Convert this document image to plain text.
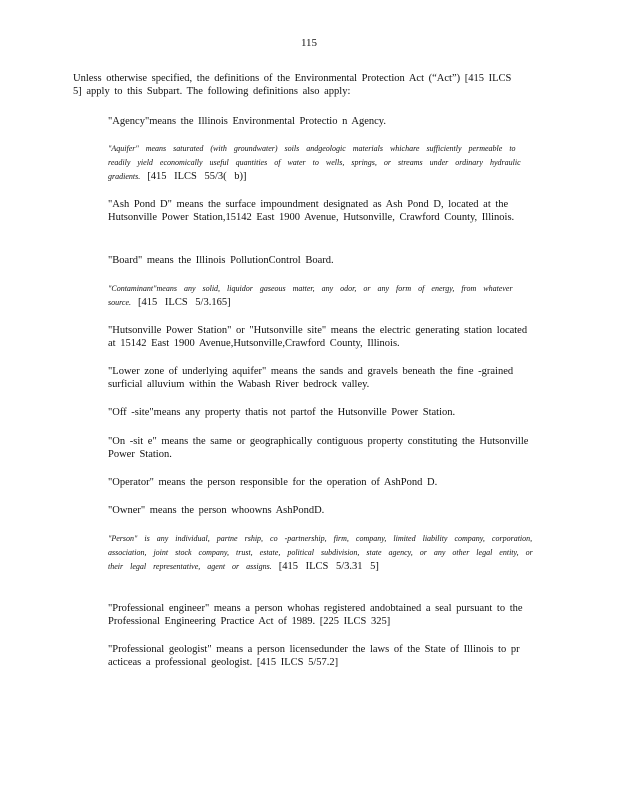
115

Unless otherwise specified, the definitions of the Environmental Protection Act (“Act”) [415 ILCS 5] apply to this Subpart. The following definitions also apply:

"Agency"means the Illinois Environmental Protectio n Agency.

"Aquifer" means saturated (with groundwater) soils andgeologic materials whichare sufficiently permeable to readily yield economically useful quantities of water to wells, springs, or streams under ordinary hydraulic gradients. [415 ILCS 55/3( b)]

"Ash Pond D" means the surface impoundment designated as Ash Pond D, located at the Hutsonville Power Station,15142 East 1900 Avenue, Hutsonville, Crawford County, Illinois.

"Board" means the Illinois PollutionControl Board.

"Contaminant"means any solid, liquidor gaseous matter, any odor, or any form of energy, from whatever source. [415 ILCS 5/3.165]

"Hutsonville Power Station" or "Hutsonville site" means the electric generating station located at 15142 East 1900 Avenue,Hutsonville,Crawford County, Illinois.

"Lower zone of underlying aquifer" means the sands and gravels beneath the fine -grained surficial alluvium within the Wabash River bedrock valley.

"Off -site"means any property thatis not partof the Hutsonville Power Station.

"On -sit e" means the same or geographically contiguous property constituting the Hutsonville Power Station.

"Operator" means the person responsible for the operation of AshPond D.

"Owner" means the person whoowns AshPondD.

"Person" is any individual, partne rship, co -partnership, firm, company, limited liability company, corporation, association, joint stock company, trust, estate, political subdivision, state agency, or any other legal entity, or their legal representative, agent or assigns. [415 ILCS 5/3.31 5]

"Professional engineer" means a person whohas registered andobtained a seal pursuant to the Professional Engineering Practice Act of 1989. [225 ILCS 325]

"Professional geologist" means a person licensedunder the laws of the State of Illinois to pr acticeas a professional geologist. [415 ILCS 5/57.2]
